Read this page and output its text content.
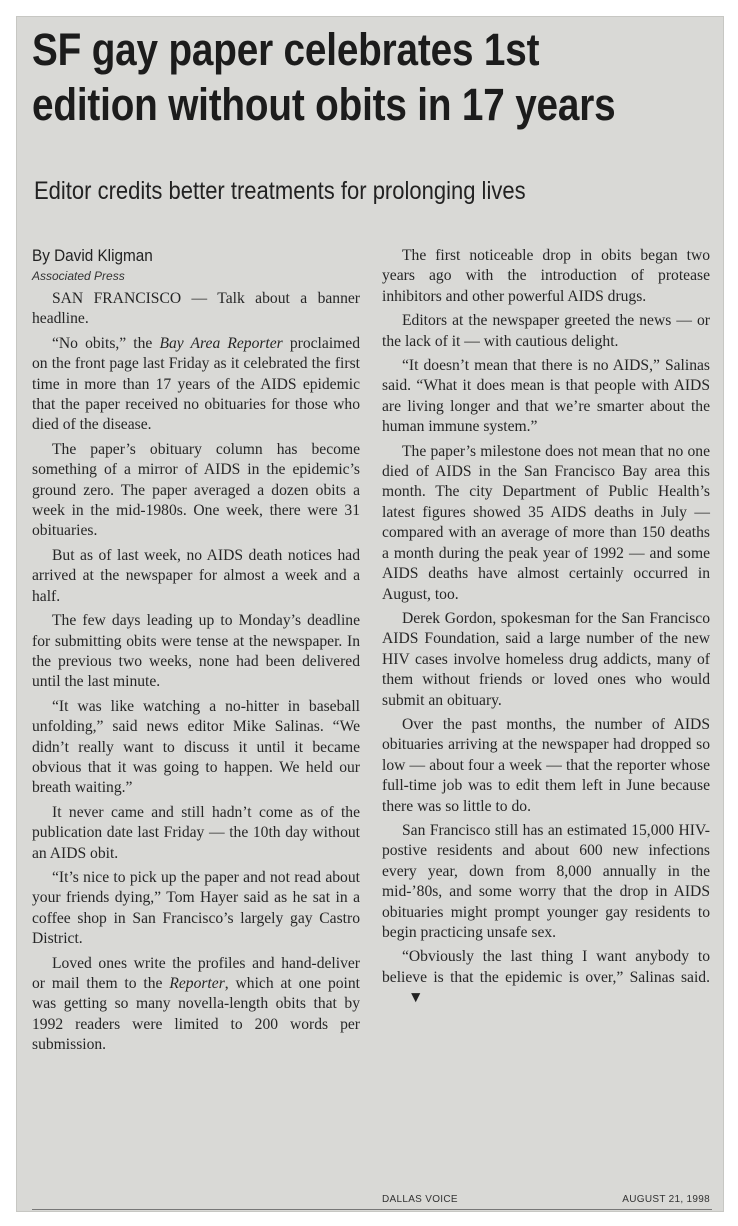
SF gay paper celebrates 1st
edition without obits in 17 years
Editor credits better treatments for prolonging lives
By David Kligman
Associated Press

SAN FRANCISCO — Talk about a banner headline.

“No obits,” the Bay Area Reporter proclaimed on the front page last Friday as it celebrated the first time in more than 17 years of the AIDS epidemic that the paper received no obituaries for those who died of the disease.

The paper’s obituary column has become something of a mirror of AIDS in the epidemic’s ground zero. The paper averaged a dozen obits a week in the mid-1980s. One week, there were 31 obituaries.

But as of last week, no AIDS death notices had arrived at the newspaper for almost a week and a half.

The few days leading up to Monday’s deadline for submitting obits were tense at the newspaper. In the previous two weeks, none had been delivered until the last minute.

“It was like watching a no-hitter in baseball unfolding,” said news editor Mike Salinas. “We didn’t really want to discuss it until it became obvious that it was going to happen. We held our breath waiting.”

It never came and still hadn’t come as of the publication date last Friday — the 10th day without an AIDS obit.

“It’s nice to pick up the paper and not read about your friends dying,” Tom Hayer said as he sat in a coffee shop in San Francisco’s largely gay Castro District.

Loved ones write the profiles and hand-deliver or mail them to the Reporter, which at one point was getting so many novella-length obits that by 1992 readers were limited to 200 words per submission.

The first noticeable drop in obits began two years ago with the introduction of protease inhibitors and other powerful AIDS drugs.

Editors at the newspaper greeted the news — or the lack of it — with cautious delight.

“It doesn’t mean that there is no AIDS,” Salinas said. “What it does mean is that people with AIDS are living longer and that we’re smarter about the human immune system.”

The paper’s milestone does not mean that no one died of AIDS in the San Francisco Bay area this month. The city Department of Public Health’s latest figures showed 35 AIDS deaths in July — compared with an average of more than 150 deaths a month during the peak year of 1992 — and some AIDS deaths have almost certainly occurred in August, too.

Derek Gordon, spokesman for the San Francisco AIDS Foundation, said a large number of the new HIV cases involve homeless drug addicts, many of them without friends or loved ones who would submit an obituary.

Over the past months, the number of AIDS obituaries arriving at the newspaper had dropped so low — about four a week — that the reporter whose full-time job was to edit them left in June because there was so little to do.

San Francisco still has an estimated 15,000 HIV-postive residents and about 600 new infections every year, down from 8,000 annually in the mid-’80s, and some worry that the drop in AIDS obituaries might prompt younger gay residents to begin practicing unsafe sex.

“Obviously the last thing I want anybody to believe is that the epidemic is over,” Salinas said.▼

DALLAS VOICE	AUGUST 21, 1998
